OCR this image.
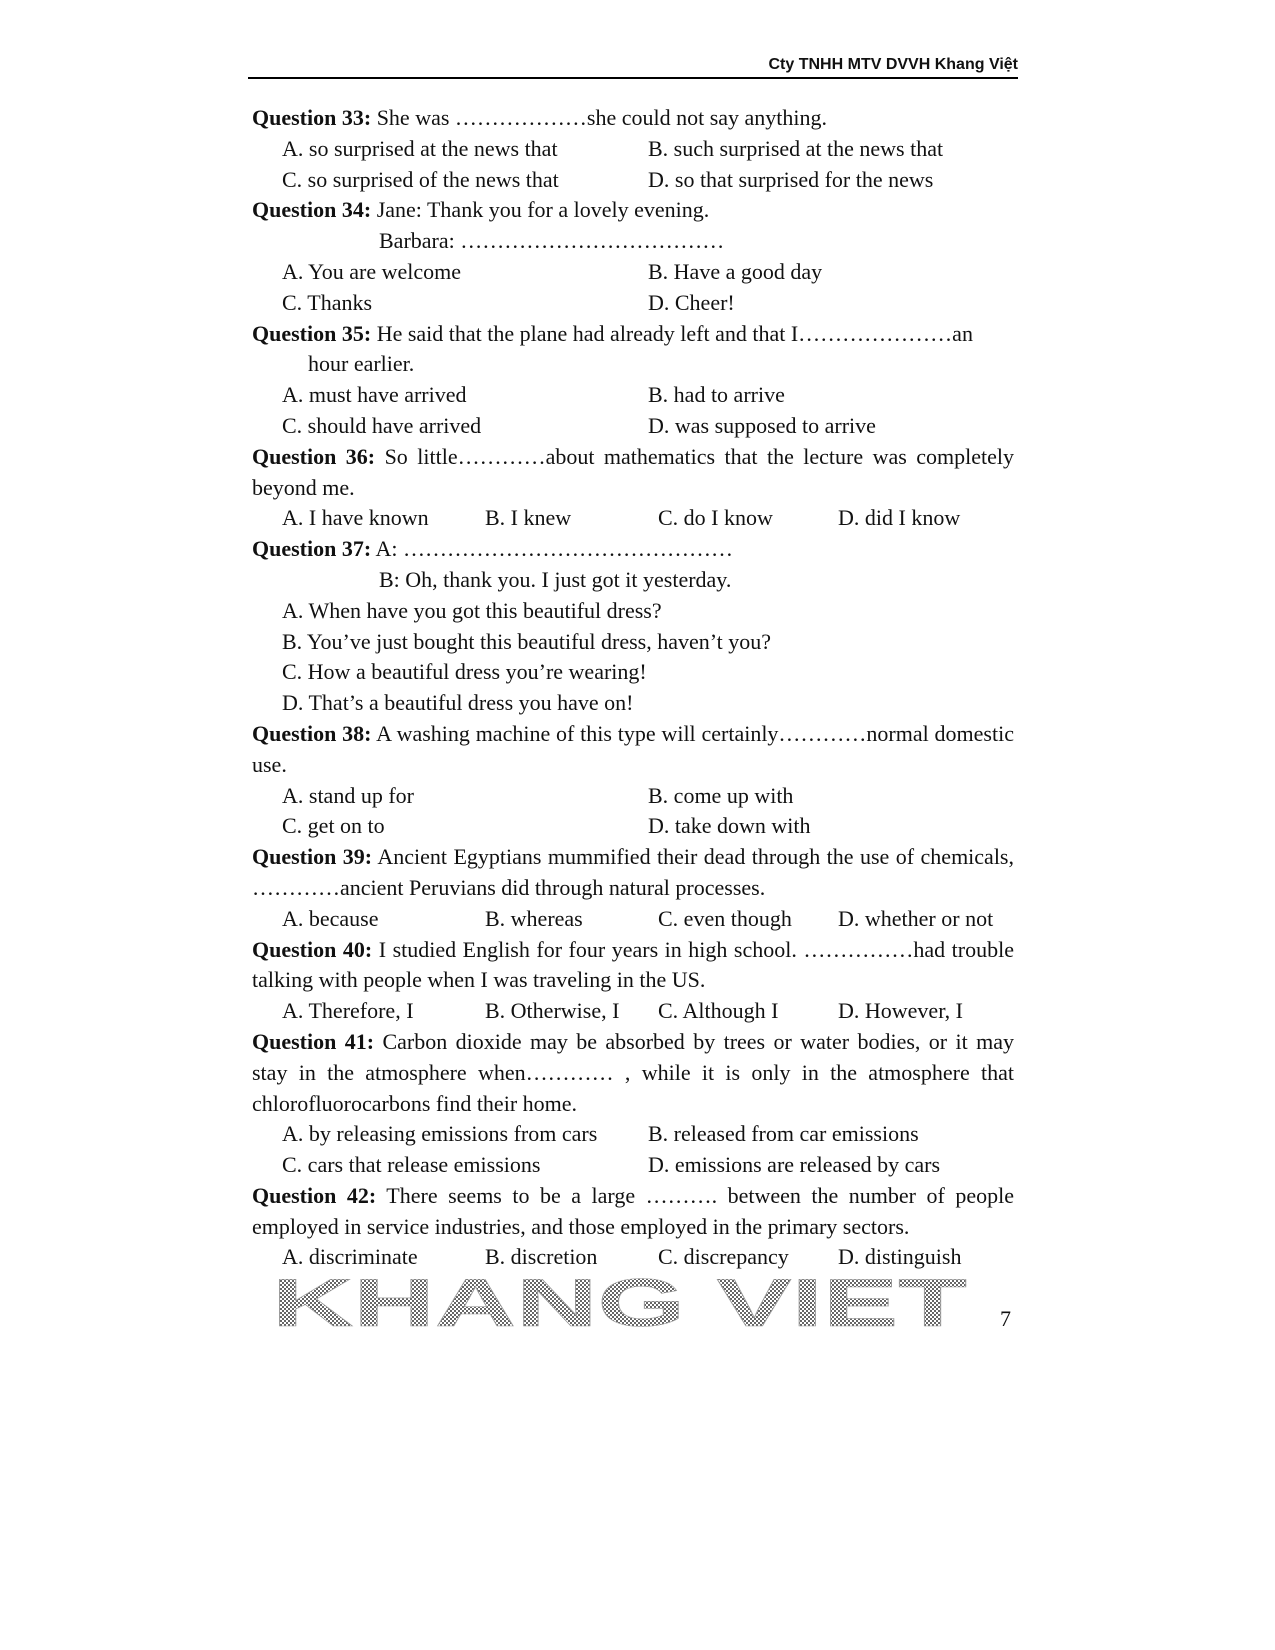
Cty TNHH MTV DVVH Khang Việt
Question 33: She was ………………she could not say anything.
A. so surprised at the news that	B. such surprised at the news that
C. so surprised of the news that	D. so that surprised for the news
Question 34: Jane: Thank you for a lovely evening.
Barbara: ………………………………
A. You are welcome	B. Have a good day
C. Thanks	D. Cheer!
Question 35: He said that the plane had already left and that I…………………an
hour earlier.
A. must have arrived	B. had to arrive
C. should have arrived	D. was supposed to arrive
Question 36: So little…………about mathematics that the lecture was completely beyond me.
A. I have known	B. I knew	C. do I know	D. did I know
Question 37: A: ………………………………………
B: Oh, thank you. I just got it yesterday.
A. When have you got this beautiful dress?
B. You’ve just bought this beautiful dress, haven’t you?
C. How a beautiful dress you’re wearing!
D. That’s a beautiful dress you have on!
Question 38: A washing machine of this type will certainly…………normal domestic use.
A. stand up for	B. come up with
C. get on to	D. take down with
Question 39: Ancient Egyptians mummified their dead through the use of chemicals, …………ancient Peruvians did through natural processes.
A. because	B. whereas	C. even though	D. whether or not
Question 40: I studied English for four years in high school. ……………had trouble talking with people when I was traveling in the US.
A. Therefore, I	B. Otherwise, I	C. Although I	D. However, I
Question 41: Carbon dioxide may be absorbed by trees or water bodies, or it may stay in the atmosphere when………… , while it is only in the atmosphere that chlorofluorocarbons find their home.
A. by releasing emissions from cars	B. released from car emissions
C. cars that release emissions	D. emissions are released by cars
Question 42: There seems to be a large ………. between the number of people employed in service industries, and those employed in the primary sectors.
A. discriminate	B. discretion	C. discrepancy	D. distinguish
KHANG VIET 7
